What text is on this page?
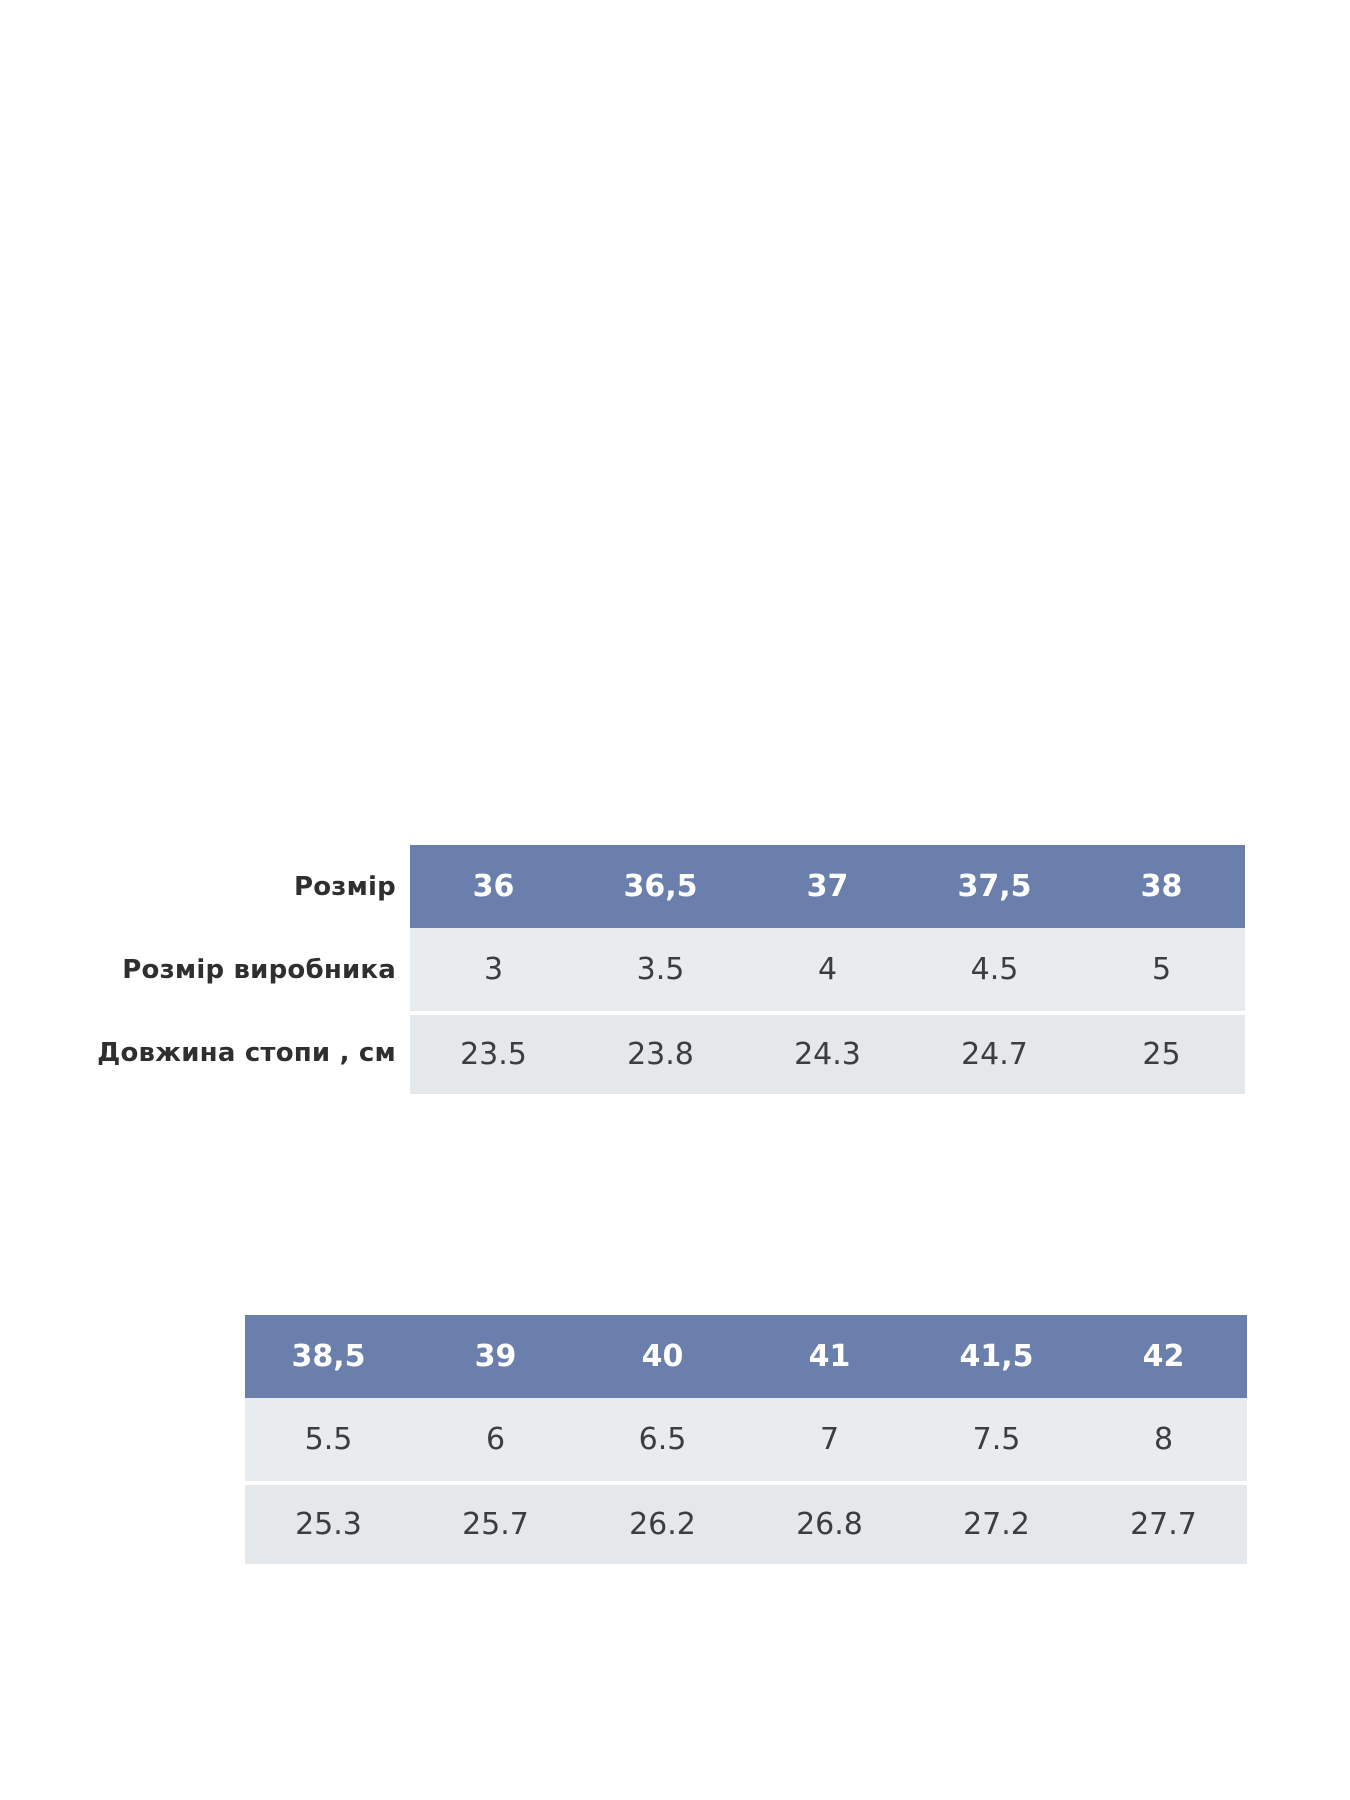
Розмір	36	36,5	37	37,5	38
Розмір виробника	3	3.5	4	4.5	5
Довжина стопи , см	23.5	23.8	24.3	24.7	25
38,5	39	40	41	41,5	42
5.5	6	6.5	7	7.5	8
25.3	25.7	26.2	26.8	27.2	27.7
